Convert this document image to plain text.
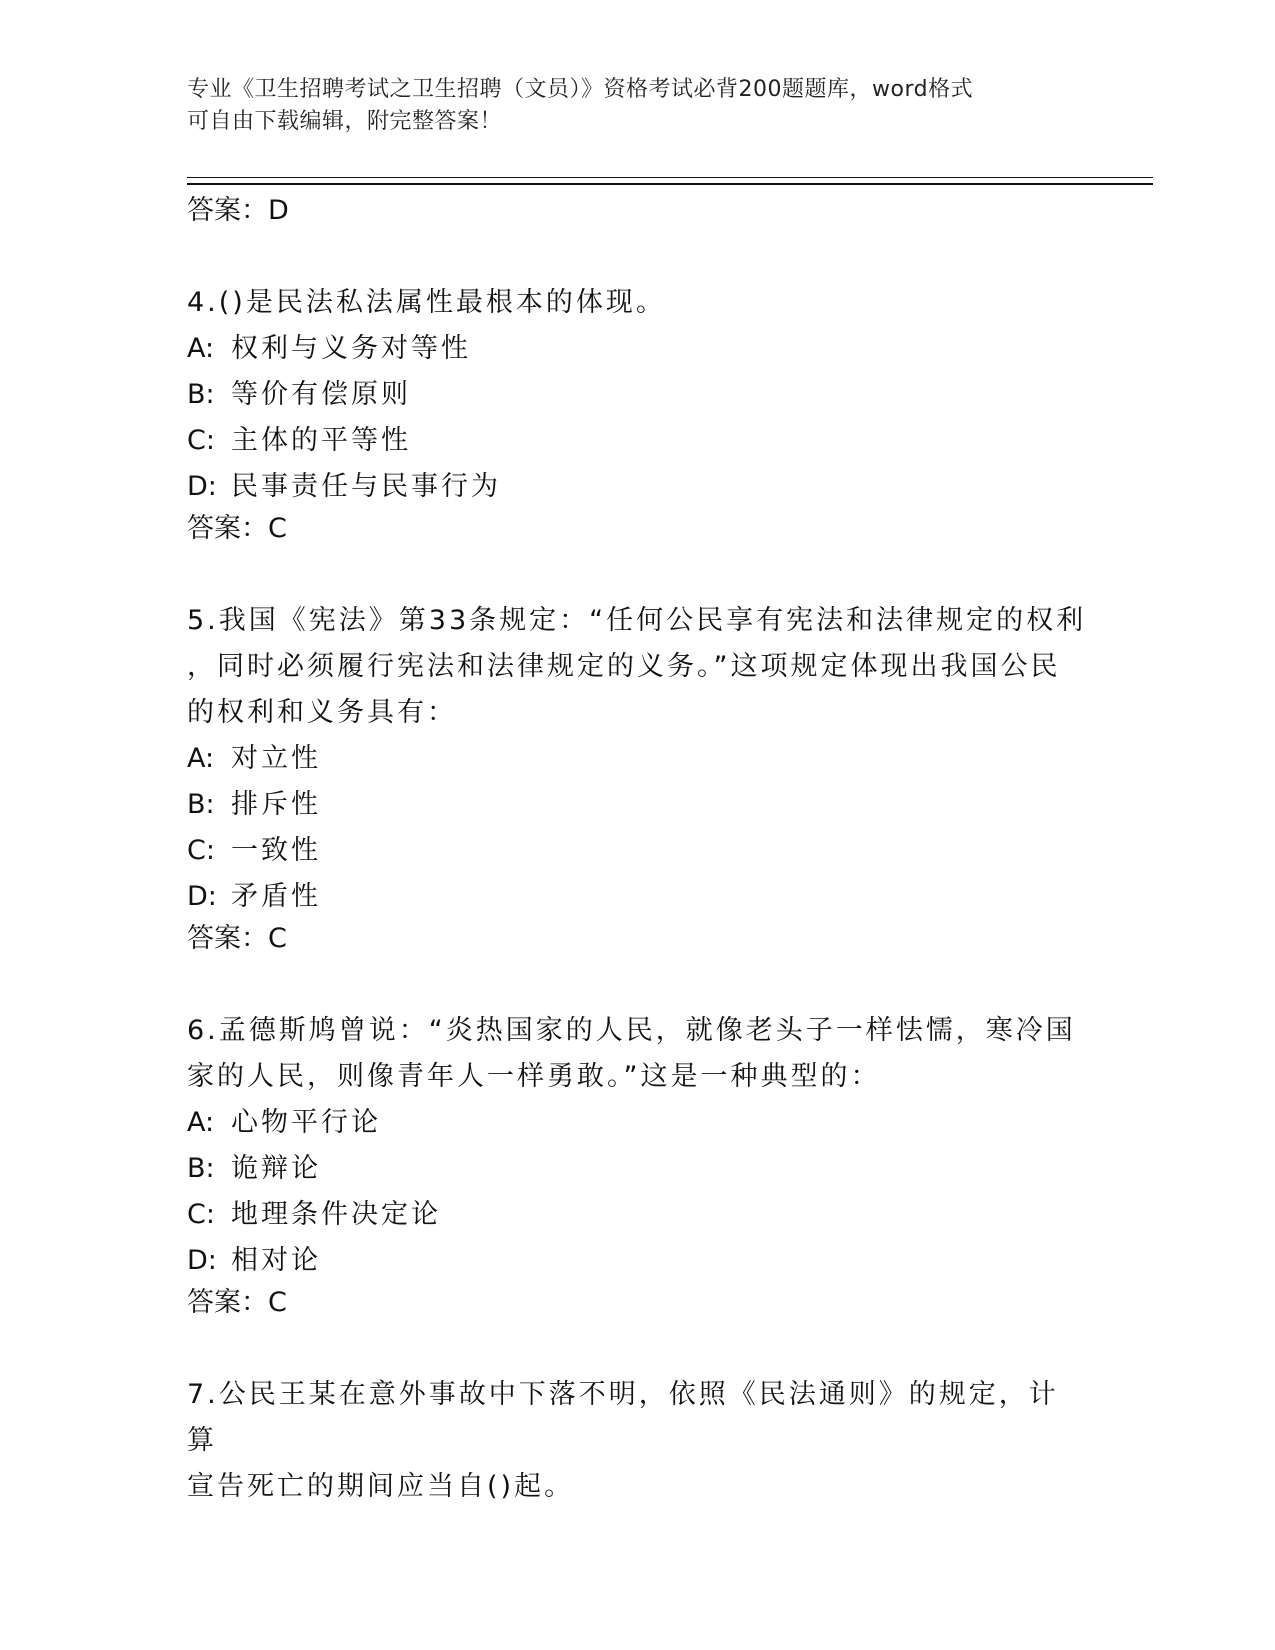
专业《卫生招聘考试之卫生招聘（文员）》资格考试必背200题题库，word格式
可自由下载编辑，附完整答案！

答案：D

4.()是民法私法属性最根本的体现。

A: 权利与义务对等性

B: 等价有偿原则

C: 主体的平等性

D: 民事责任与民事行为

答案：C

5.我国《宪法》第33条规定：“任何公民享有宪法和法律规定的权利

，同时必须履行宪法和法律规定的义务。”这项规定体现出我国公民

的权利和义务具有：

A: 对立性

B: 排斥性

C: 一致性

D: 矛盾性

答案：C

6.孟德斯鸠曾说：“炎热国家的人民，就像老头子一样怯懦，寒冷国

家的人民，则像青年人一样勇敢。”这是一种典型的：

A: 心物平行论

B: 诡辩论

C: 地理条件决定论

D: 相对论

答案：C

7.公民王某在意外事故中下落不明，依照《民法通则》的规定，计算

宣告死亡的期间应当自()起。
